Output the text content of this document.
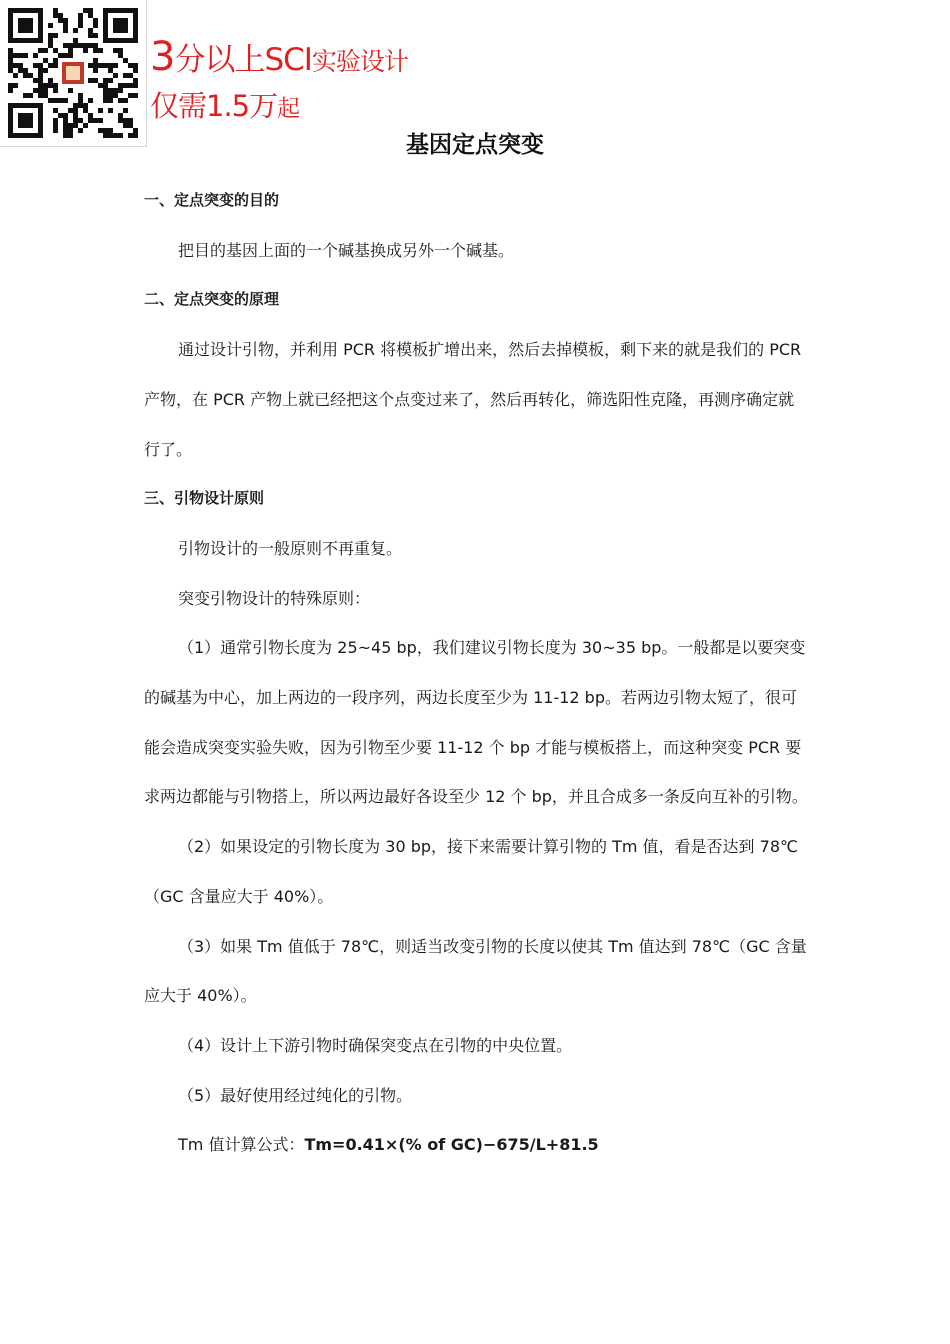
3分以上SCI实验设计
仅需1.5万起
基因定点突变
一、定点突变的目的

把目的基因上面的一个碱基换成另外一个碱基。

二、定点突变的原理

通过设计引物，并利用 PCR 将模板扩增出来，然后去掉模板，剩下来的就是我们的 PCR 产物，在 PCR 产物上就已经把这个点变过来了，然后再转化，筛选阳性克隆，再测序确定就行了。

三、引物设计原则

引物设计的一般原则不再重复。

突变引物设计的特殊原则：

（1）通常引物长度为 25~45 bp，我们建议引物长度为 30~35 bp。一般都是以要突变的碱基为中心，加上两边的一段序列，两边长度至少为 11-12 bp。若两边引物太短了，很可能会造成突变实验失败，因为引物至少要 11-12 个 bp 才能与模板搭上，而这种突变 PCR 要求两边都能与引物搭上，所以两边最好各设至少 12 个 bp，并且合成多一条反向互补的引物。

（2）如果设定的引物长度为 30 bp，接下来需要计算引物的 Tm 值，看是否达到 78℃（GC 含量应大于 40%）。

（3）如果 Tm 值低于 78℃，则适当改变引物的长度以使其 Tm 值达到 78℃（GC 含量应大于 40%）。

（4）设计上下游引物时确保突变点在引物的中央位置。

（5）最好使用经过纯化的引物。

Tm 值计算公式：Tm=0.41×(% of GC)−675/L+81.5
